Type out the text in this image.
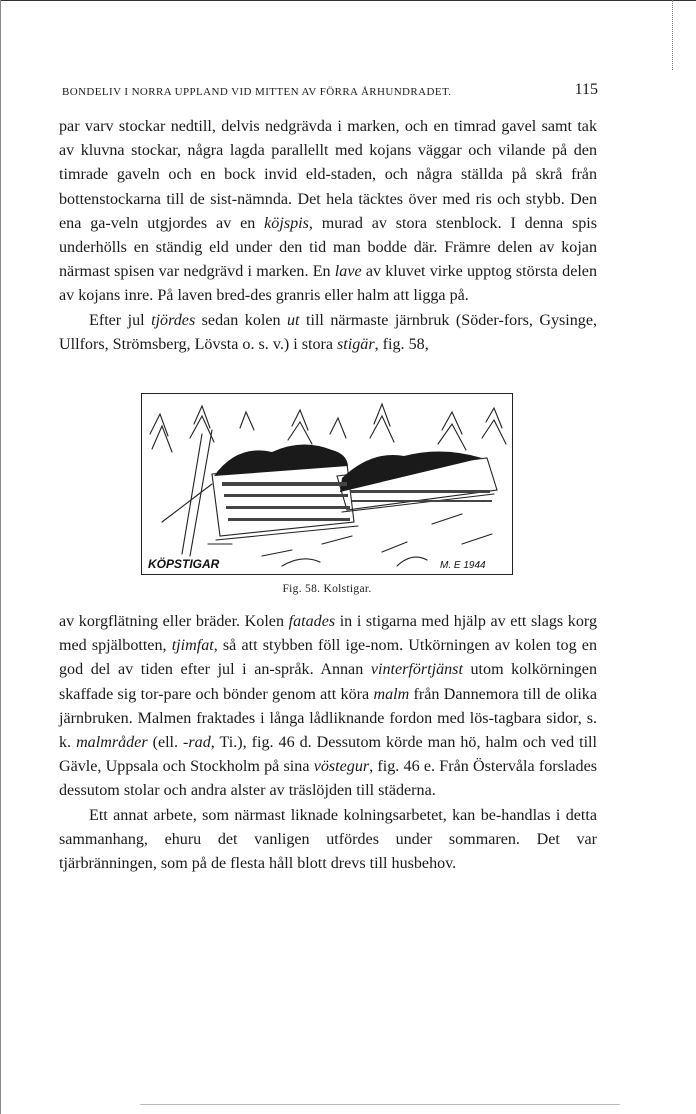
BONDELIV I NORRA UPPLAND VID MITTEN AV FÖRRA ÅRHUNDRADET.	115

par varv stockar nedtill, delvis nedgrävda i marken, och en timrad gavel samt tak av kluvna stockar, några lagda parallellt med kojans väggar och vilande på den timrade gaveln och en bock invid eld-staden, och några ställda på skrå från bottenstockarna till de sist-nämnda. Det hela täcktes över med ris och stybb. Den ena ga-veln utgjordes av en köjspis, murad av stora stenblock. I denna spis underhölls en ständig eld under den tid man bodde där. Främre delen av kojan närmast spisen var nedgrävd i marken. En lave av kluvet virke upptog största delen av kojans inre. På laven bred-des granris eller halm att ligga på.

Efter jul tjördes sedan kolen ut till närmaste järnbruk (Söder-fors, Gysinge, Ullfors, Strömsberg, Lövsta o. s. v.) i stora stigär, fig. 58,

KÖPSTIGAR	M. E 1944
Fig. 58. Kolstigar.

av korgflätning eller bräder. Kolen fatades in i stigarna med hjälp av ett slags korg med spjälbotten, tjimfat, så att stybben föll ige-nom. Utkörningen av kolen tog en god del av tiden efter jul i an-språk. Annan vinterförtjänst utom kolkörningen skaffade sig tor-pare och bönder genom att köra malm från Dannemora till de olika järnbruken. Malmen fraktades i långa lådliknande fordon med lös-tagbara sidor, s. k. malmråder (ell. -rad, Ti.), fig. 46 d. Dessutom körde man hö, halm och ved till Gävle, Uppsala och Stockholm på sina vöstegur, fig. 46 e. Från Östervåla forslades dessutom stolar och andra alster av träslöjden till städerna.

Ett annat arbete, som närmast liknade kolningsarbetet, kan be-handlas i detta sammanhang, ehuru det vanligen utfördes under sommaren. Det var tjärbränningen, som på de flesta håll blott drevs till husbehov.
